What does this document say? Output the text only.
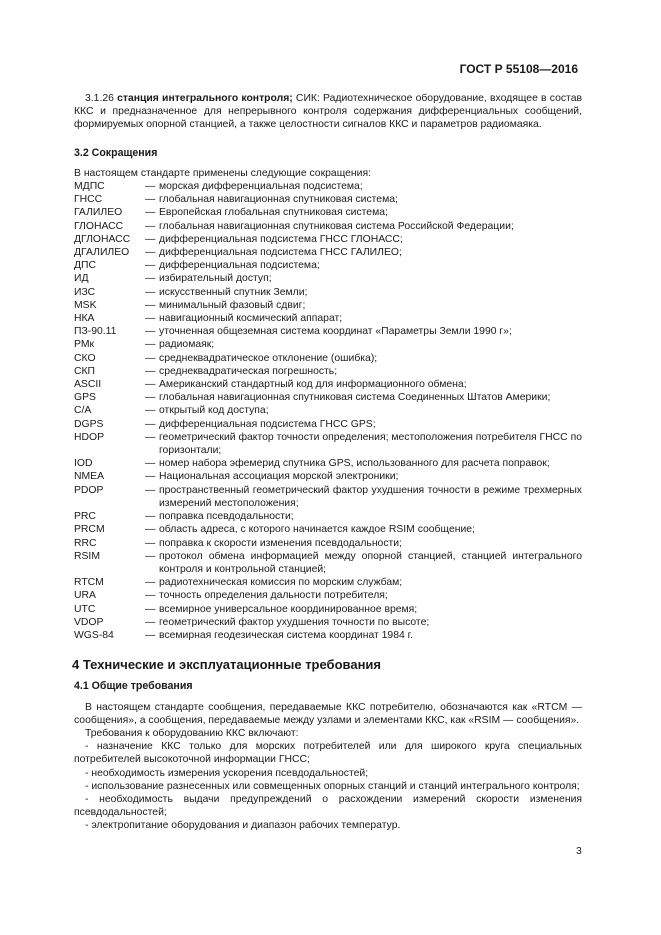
ГОСТ Р 55108—2016

3.1.26 станция интегрального контроля; СИК: Радиотехническое оборудование, входящее в состав ККС и предназначенное для непрерывного контроля содержания дифференциальных сообщений, формируемых опорной станцией, а также целостности сигналов ККС и параметров радиомаяка.

3.2 Сокращения

В настоящем стандарте применены следующие сокращения:

МДПС	— морская дифференциальная подсистема;
ГНСС	— глобальная навигационная спутниковая система;
ГАЛИЛЕО	— Европейская глобальная спутниковая система;
ГЛОНАСС	— глобальная навигационная спутниковая система Российской Федерации;
ДГЛОНАСС	— дифференциальная подсистема ГНСС ГЛОНАСС;
ДГАЛИЛЕО	— дифференциальная подсистема ГНСС ГАЛИЛЕО;
ДПС	— дифференциальная подсистема;
ИД	— избирательный доступ;
ИЗС	— искусственный спутник Земли;
MSK	— минимальный фазовый сдвиг;
НКА	— навигационный космический аппарат;
ПЗ-90.11	— уточненная общеземная система координат «Параметры Земли 1990 г»;
РМк	— радиомаяк;
СКО	— среднеквадратическое отклонение (ошибка);
СКП	— среднеквадратическая погрешность;
ASCII	— Американский стандартный код для информационного обмена;
GPS	— глобальная навигационная спутниковая система Соединенных Штатов Америки;
C/A	— открытый код доступа;
DGPS	— дифференциальная подсистема ГНСС GPS;
HDOP	— геометрический фактор точности определения; местоположения потребителя ГНСС по горизонтали;
IOD	— номер набора эфемерид спутника GPS, использованного для расчета поправок;
NMEA	— Национальная ассоциация морской электроники;
PDOP	— пространственный геометрический фактор ухудшения точности в режиме трехмерных измерений местоположения;
PRC	— поправка псевдодальности;
PRCM	— область адреса, с которого начинается каждое RSIM сообщение;
RRC	— поправка к скорости изменения псевдодальности;
RSIM	— протокол обмена информацией между опорной станцией, станцией интегрального контроля и контрольной станцией;
RTCM	— радиотехническая комиссия по морским службам;
URA	— точность определения дальности потребителя;
UTC	— всемирное универсальное координированное время;
VDOP	— геометрический фактор ухудшения точности по высоте;
WGS-84	— всемирная геодезическая система координат 1984 г.
4 Технические и эксплуатационные требования
4.1 Общие требования

В настоящем стандарте сообщения, передаваемые ККС потребителю, обозначаются как «RTCM — сообщения», а сообщения, передаваемые между узлами и элементами ККС, как «RSIM — сообщения».

Требования к оборудованию ККС включают:

- назначение ККС только для морских потребителей или для широкого круга специальных потребителей высокоточной информации ГНСС;

- необходимость измерения ускорения псевдодальностей;

- использование разнесенных или совмещенных опорных станций и станций интегрального контроля;

- необходимость выдачи предупреждений о расхождении измерений скорости изменения псевдодальностей;

- электропитание оборудования и диапазон рабочих температур.

3
